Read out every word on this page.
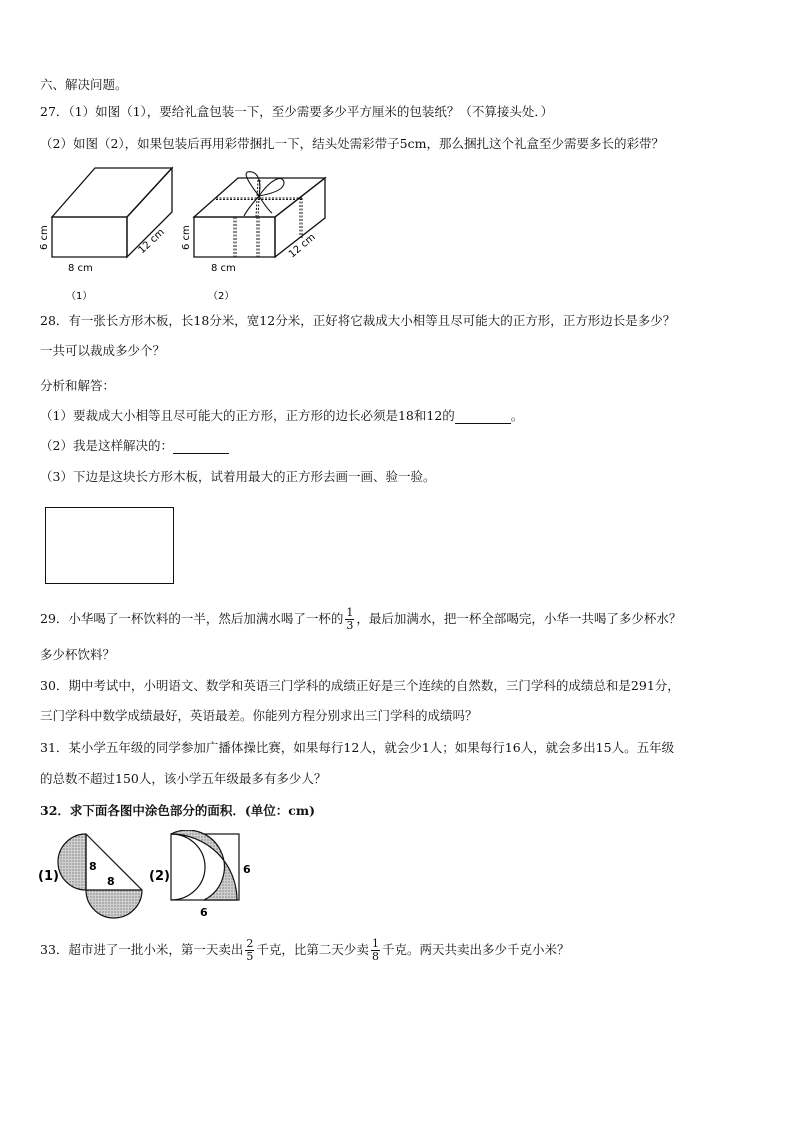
六、解决问题。
27．（1）如图（1），要给礼盒包装一下，至少需要多少平方厘米的包装纸？（不算接头处．）
（2）如图（2），如果包装后再用彩带捆扎一下，结头处需彩带子5cm，那么捆扎这个礼盒至少需要多长的彩带？
6 cm
8 cm
12 cm
（1）
6 cm
8 cm
12 cm
（2）
28．有一张长方形木板，长18分米，宽12分米，正好将它裁成大小相等且尽可能大的正方形，正方形边长是多少？
一共可以裁成多少个？
分析和解答：
（1）要裁成大小相等且尽可能大的正方形，正方形的边长必须是18和12的	。
（2）我是这样解决的：
（3）下边是这块长方形木板，试着用最大的正方形去画一画、验一验。
29．小华喝了一杯饮料的一半，然后加满水喝了一杯的 $\frac{1}{3}$ ，最后加满水，把一杯全部喝完，小华一共喝了多少杯水？
多少杯饮料？
30．期中考试中，小明语文、数学和英语三门学科的成绩正好是三个连续的自然数，三门学科的成绩总和是291分，
三门学科中数学成绩最好，英语最差。你能列方程分别求出三门学科的成绩吗？
31．某小学五年级的同学参加广播体操比赛，如果每行12人，就会少1人；如果每行16人，就会多出15人。五年级
的总数不超过150人，该小学五年级最多有多少人？
32．求下面各图中涂色部分的面积．(单位：cm)
(1)
8
8	(2)	6
6
33．超市进了一批小米，第一天卖出 $\frac{2}{5}$ 千克，比第二天少卖 $\frac{1}{8}$ 千克。两天共卖出多少千克小米？
